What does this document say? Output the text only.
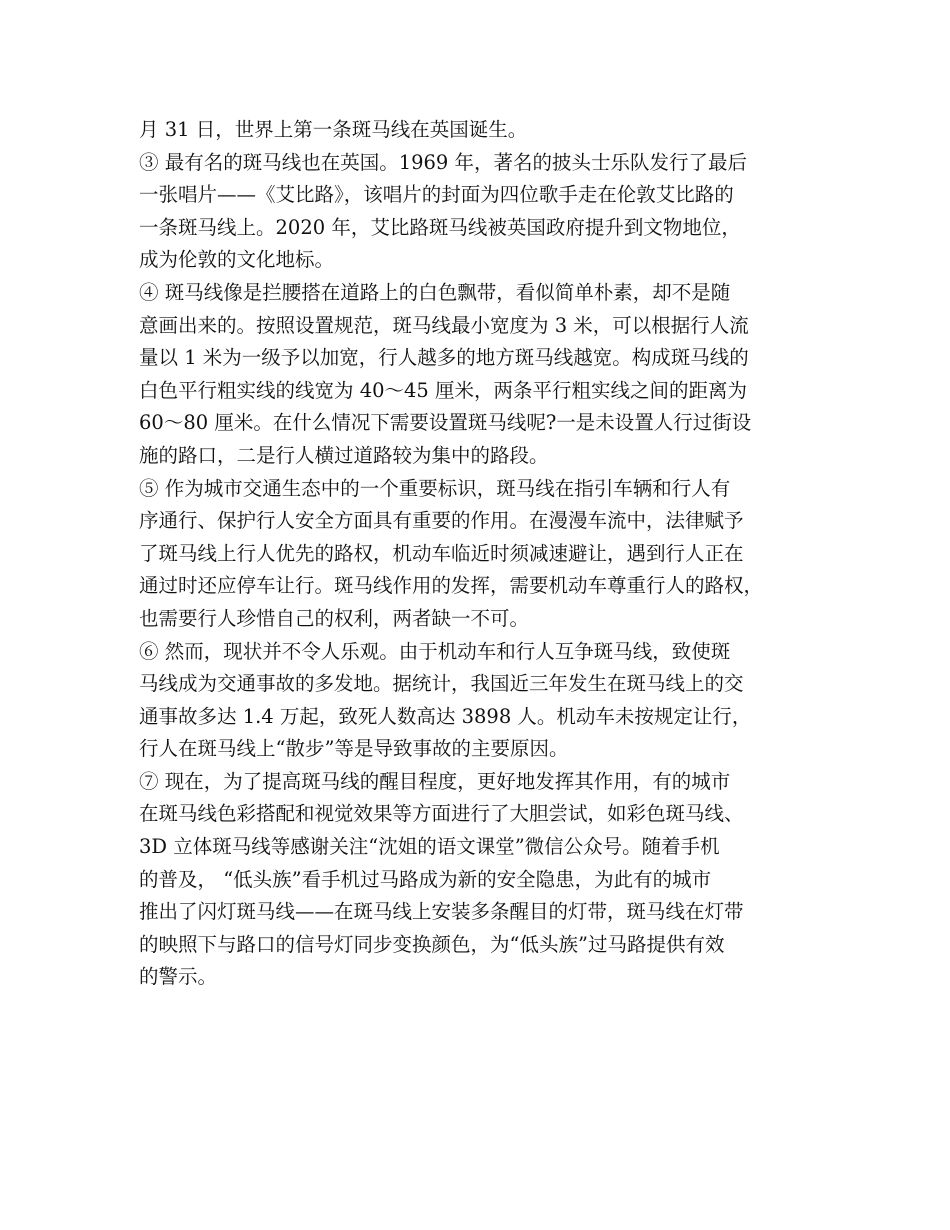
月 31 日，世界上第一条斑马线在英国诞生。
③ 最有名的斑马线也在英国。1969 年，著名的披头士乐队发行了最后
一张唱片——《艾比路》，该唱片的封面为四位歌手走在伦敦艾比路的
一条斑马线上。2020 年，艾比路斑马线被英国政府提升到文物地位，
成为伦敦的文化地标。
④ 斑马线像是拦腰搭在道路上的白色飘带，看似简单朴素，却不是随
意画出来的。按照设置规范，斑马线最小宽度为 3 米，可以根据行人流
量以 1 米为一级予以加宽，行人越多的地方斑马线越宽。构成斑马线的
白色平行粗实线的线宽为 40～45 厘米，两条平行粗实线之间的距离为
60～80 厘米。在什么情况下需要设置斑马线呢?一是未设置人行过街设
施的路口，二是行人横过道路较为集中的路段。
⑤ 作为城市交通生态中的一个重要标识，斑马线在指引车辆和行人有
序通行、保护行人安全方面具有重要的作用。在漫漫车流中，法律赋予
了斑马线上行人优先的路权，机动车临近时须减速避让，遇到行人正在
通过时还应停车让行。斑马线作用的发挥，需要机动车尊重行人的路权，
也需要行人珍惜自己的权利，两者缺一不可。
⑥ 然而，现状并不令人乐观。由于机动车和行人互争斑马线，致使斑
马线成为交通事故的多发地。据统计，我国近三年发生在斑马线上的交
通事故多达 1.4 万起，致死人数高达 3898 人。机动车未按规定让行，
行人在斑马线上“散步”等是导致事故的主要原因。
⑦ 现在，为了提高斑马线的醒目程度，更好地发挥其作用，有的城市
在斑马线色彩搭配和视觉效果等方面进行了大胆尝试，如彩色斑马线、
3D 立体斑马线等感谢关注“沈姐的语文课堂”微信公众号。随着手机
的普及， “低头族”看手机过马路成为新的安全隐患，为此有的城市
推出了闪灯斑马线——在斑马线上安装多条醒目的灯带，斑马线在灯带
的映照下与路口的信号灯同步变换颜色，为“低头族”过马路提供有效
的警示。
